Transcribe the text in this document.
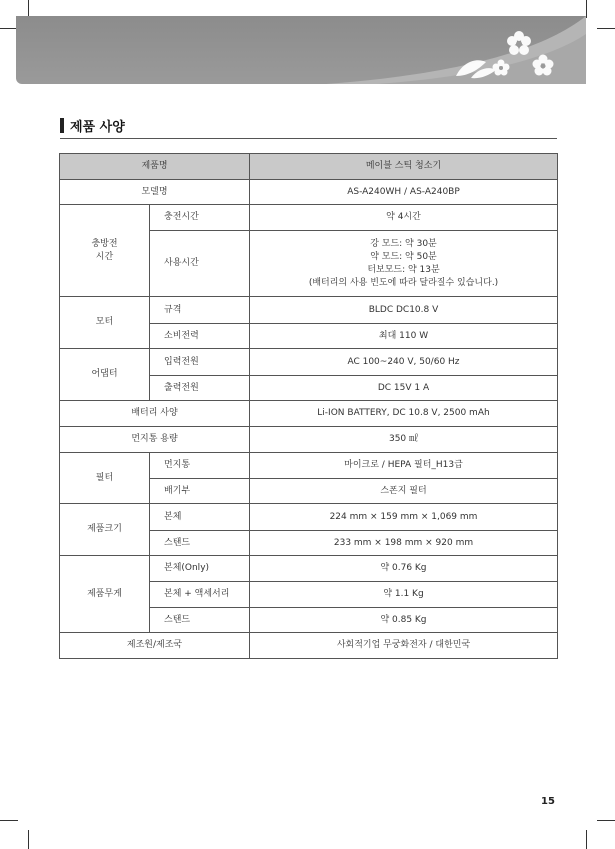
제품 사양
제품명		메이블 스틱 청소기
모델명		AS-A240WH / AS-A240BP
충방전
시간	충전시간	약 4시간
	사용시간	강 모드: 약 30분
약 모드: 약 50분
터보모드: 약 13분
(배터리의 사용 빈도에 따라 달라질수 있습니다.)

모터	규격	BLDC DC10.8 V
	소비전력	최대 110 W
어댑터	입력전원	AC 100~240 V, 50/60 Hz
	출력전원	DC 15V 1 A
배터리 사양		Li-ION BATTERY, DC 10.8 V, 2500 mAh
먼지통 용량		350 ㎖
필터	먼지통	마이크로 / HEPA 필터_H13급
	배기부	스폰지 필터
제품크기	본체	224 mm × 159 mm × 1,069 mm
	스탠드	233 mm × 198 mm × 920 mm
제품무게	본체(Only)	약 0.76 Kg
	본체 + 액세서리	약 1.1 Kg
	스탠드	약 0.85 Kg
제조원/제조국		사회적기업 무궁화전자 / 대한민국
15
